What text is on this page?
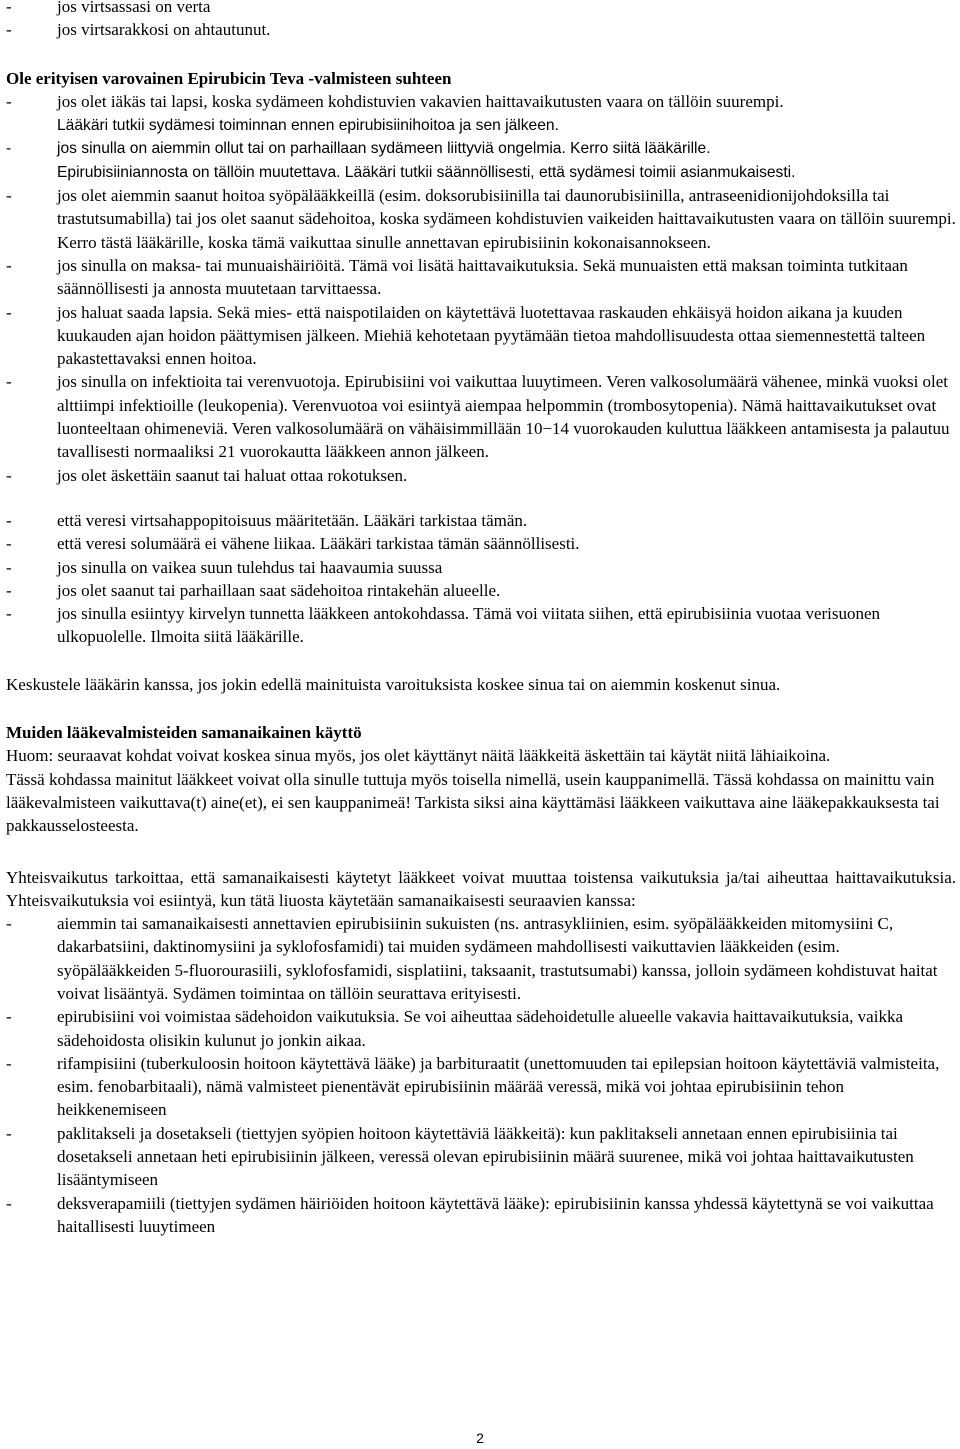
-	jos virtsassasi on verta
-	jos virtsarakkosi on ahtautunut.

Ole erityisen varovainen Epirubicin Teva -valmisteen suhteen

-	jos olet iäkäs tai lapsi, koska sydämeen kohdistuvien vakavien haittavaikutusten vaara on tällöin suurempi.
Lääkäri tutkii sydämesi toiminnan ennen epirubisiinihoitoa ja sen jälkeen.
-	jos sinulla on aiemmin ollut tai on parhaillaan sydämeen liittyviä ongelmia. Kerro siitä lääkärille.
Epirubisiiniannosta on tällöin muutettava. Lääkäri tutkii säännöllisesti, että sydämesi toimii asianmukaisesti.
-	jos olet aiemmin saanut hoitoa syöpälääkkeillä (esim. doksorubisiinilla tai daunorubisiinilla, antraseenidionijohdoksilla tai trastutsumabilla) tai jos olet saanut sädehoitoa, koska sydämeen kohdistuvien vaikeiden haittavaikutusten vaara on tällöin suurempi. Kerro tästä lääkärille, koska tämä vaikuttaa sinulle annettavan epirubisiinin kokonaisannokseen.
-	jos sinulla on maksa- tai munuaishäiriöitä. Tämä voi lisätä haittavaikutuksia. Sekä munuaisten että maksan toiminta tutkitaan säännöllisesti ja annosta muutetaan tarvittaessa.
-	jos haluat saada lapsia. Sekä mies- että naispotilaiden on käytettävä luotettavaa raskauden ehkäisyä hoidon aikana ja kuuden kuukauden ajan hoidon päättymisen jälkeen. Miehiä kehotetaan pyytämään tietoa mahdollisuudesta ottaa siemennestettä talteen pakastettavaksi ennen hoitoa.
-	jos sinulla on infektioita tai verenvuotoja. Epirubisiini voi vaikuttaa luuytimeen. Veren valkosolumäärä vähenee, minkä vuoksi olet alttiimpi infektioille (leukopenia). Verenvuotoa voi esiintyä aiempaa helpommin (trombosytopenia). Nämä haittavaikutukset ovat luonteeltaan ohimeneviä. Veren valkosolumäärä on vähäisimmillään 10−14 vuorokauden kuluttua lääkkeen antamisesta ja palautuu tavallisesti normaaliksi 21 vuorokautta lääkkeen annon jälkeen.
-	jos olet äskettäin saanut tai haluat ottaa rokotuksen.
-	että veresi virtsahappopitoisuus määritetään. Lääkäri tarkistaa tämän.
-	että veresi solumäärä ei vähene liikaa. Lääkäri tarkistaa tämän säännöllisesti.
-	jos sinulla on vaikea suun tulehdus tai haavaumia suussa
-	jos olet saanut tai parhaillaan saat sädehoitoa rintakehän alueelle.
-	jos sinulla esiintyy kirvelyn tunnetta lääkkeen antokohdassa. Tämä voi viitata siihen, että epirubisiinia vuotaa verisuonen ulkopuolelle. Ilmoita siitä lääkärille.

Keskustele lääkärin kanssa, jos jokin edellä mainituista varoituksista koskee sinua tai on aiemmin koskenut sinua.

Muiden lääkevalmisteiden samanaikainen käyttö

Huom: seuraavat kohdat voivat koskea sinua myös, jos olet käyttänyt näitä lääkkeitä äskettäin tai käytät niitä lähiaikoina.

Tässä kohdassa mainitut lääkkeet voivat olla sinulle tuttuja myös toisella nimellä, usein kauppanimellä. Tässä kohdassa on mainittu vain lääkevalmisteen vaikuttava(t) aine(et), ei sen kauppanimeä! Tarkista siksi aina käyttämäsi lääkkeen vaikuttava aine lääkepakkauksesta tai pakkausselosteesta.

Yhteisvaikutus tarkoittaa, että samanaikaisesti käytetyt lääkkeet voivat muuttaa toistensa vaikutuksia ja/tai aiheuttaa haittavaikutuksia. Yhteisvaikutuksia voi esiintyä, kun tätä liuosta käytetään samanaikaisesti seuraavien kanssa:

-	aiemmin tai samanaikaisesti annettavien epirubisiinin sukuisten (ns. antrasykliinien, esim. syöpälääkkeiden mitomysiini C, dakarbatsiini, daktinomysiini ja syklofosfamidi) tai muiden sydämeen mahdollisesti vaikuttavien lääkkeiden (esim. syöpälääkkeiden 5-fluorourasiili, syklofosfamidi, sisplatiini, taksaanit, trastutsumabi) kanssa, jolloin sydämeen kohdistuvat haitat voivat lisääntyä. Sydämen toimintaa on tällöin seurattava erityisesti.
-	epirubisiini voi voimistaa sädehoidon vaikutuksia. Se voi aiheuttaa sädehoidetulle alueelle vakavia haittavaikutuksia, vaikka sädehoidosta olisikin kulunut jo jonkin aikaa.
-	rifampisiini (tuberkuloosin hoitoon käytettävä lääke) ja barbituraatit (unettomuuden tai epilepsian hoitoon käytettäviä valmisteita, esim. fenobarbitaali), nämä valmisteet pienentävät epirubisiinin määrää veressä, mikä voi johtaa epirubisiinin tehon heikkenemiseen
-	paklitakseli ja dosetakseli (tiettyjen syöpien hoitoon käytettäviä lääkkeitä): kun paklitakseli annetaan ennen epirubisiinia tai dosetakseli annetaan heti epirubisiinin jälkeen, veressä olevan epirubisiinin määrä suurenee, mikä voi johtaa haittavaikutusten lisääntymiseen
-	deksverapamiili (tiettyjen sydämen häiriöiden hoitoon käytettävä lääke): epirubisiinin kanssa yhdessä käytettynä se voi vaikuttaa haitallisesti luuytimeen
2
